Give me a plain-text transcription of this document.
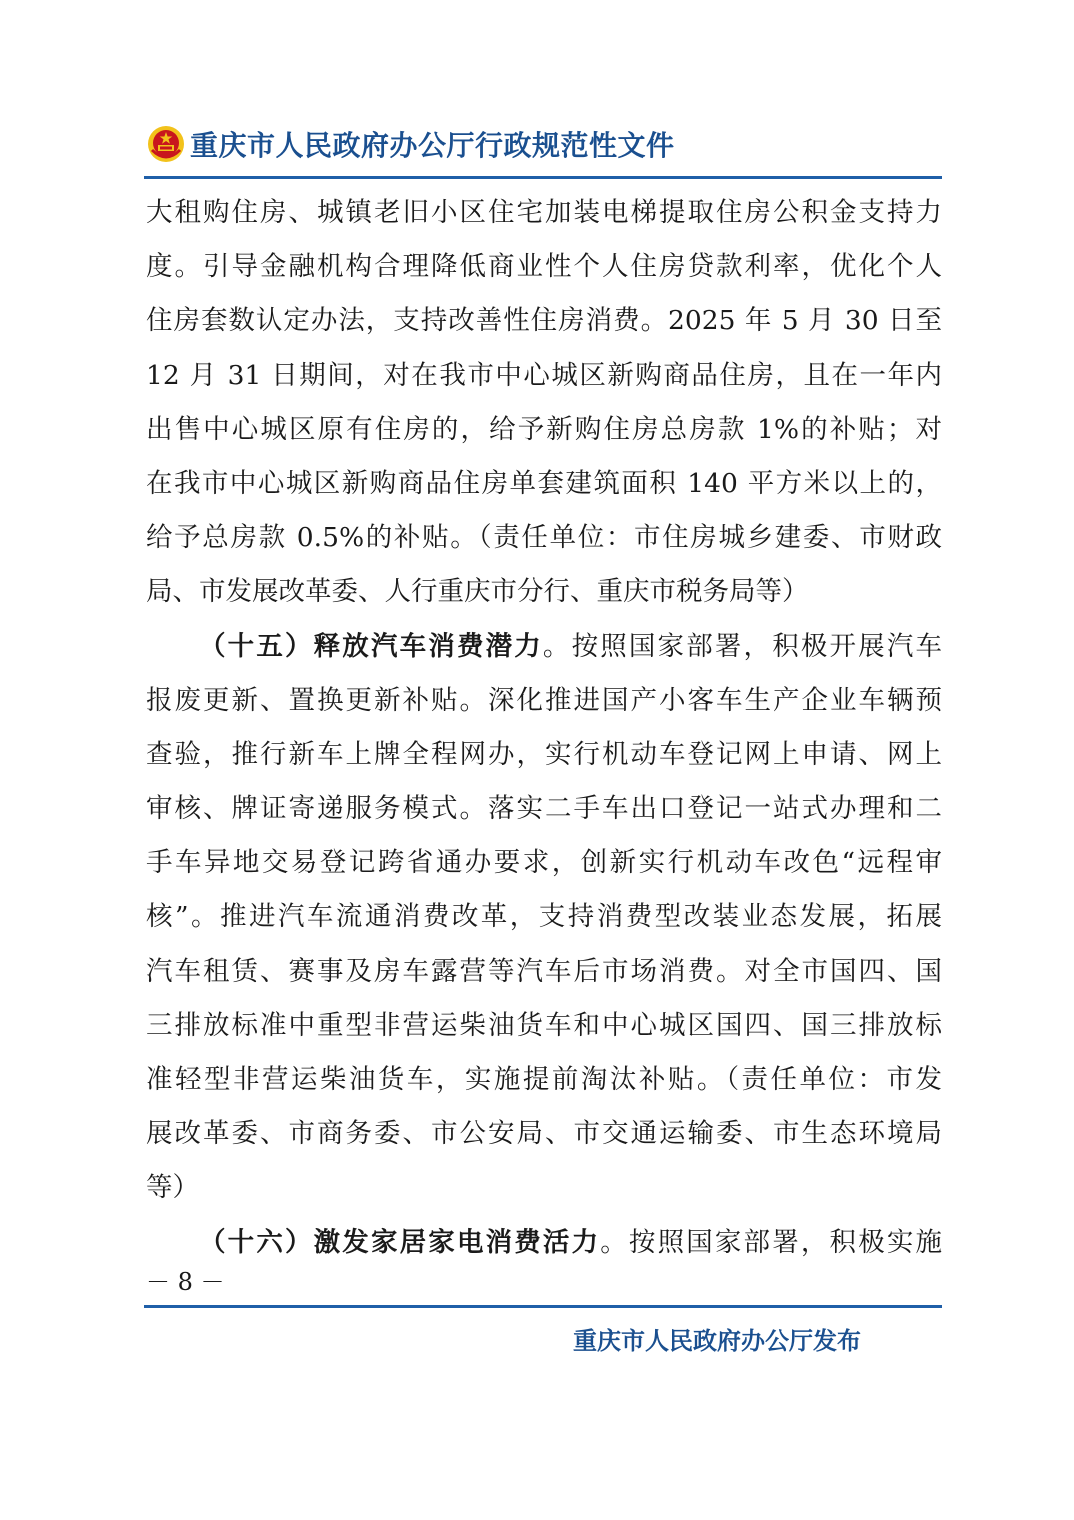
重庆市人民政府办公厅行政规范性文件
大租购住房、城镇老旧小区住宅加装电梯提取住房公积金支持力
度。引导金融机构合理降低商业性个人住房贷款利率，优化个人
住房套数认定办法，支持改善性住房消费。2025 年 5 月 30 日至
12 月 31 日期间，对在我市中心城区新购商品住房，且在一年内
出售中心城区原有住房的，给予新购住房总房款 1%的补贴；对
在我市中心城区新购商品住房单套建筑面积 140 平方米以上的，
给予总房款 0.5%的补贴。（责任单位：市住房城乡建委、市财政
局、市发展改革委、人行重庆市分行、重庆市税务局等）
（十五）释放汽车消费潜力。按照国家部署，积极开展汽车
报废更新、置换更新补贴。深化推进国产小客车生产企业车辆预
查验，推行新车上牌全程网办，实行机动车登记网上申请、网上
审核、牌证寄递服务模式。落实二手车出口登记一站式办理和二
手车异地交易登记跨省通办要求，创新实行机动车改色“远程审
核”。推进汽车流通消费改革，支持消费型改装业态发展，拓展
汽车租赁、赛事及房车露营等汽车后市场消费。对全市国四、国
三排放标准中重型非营运柴油货车和中心城区国四、国三排放标
准轻型非营运柴油货车，实施提前淘汰补贴。（责任单位：市发
展改革委、市商务委、市公安局、市交通运输委、市生态环境局
等）
（十六）激发家居家电消费活力。按照国家部署，积极实施
－ 8 －
重庆市人民政府办公厅发布
